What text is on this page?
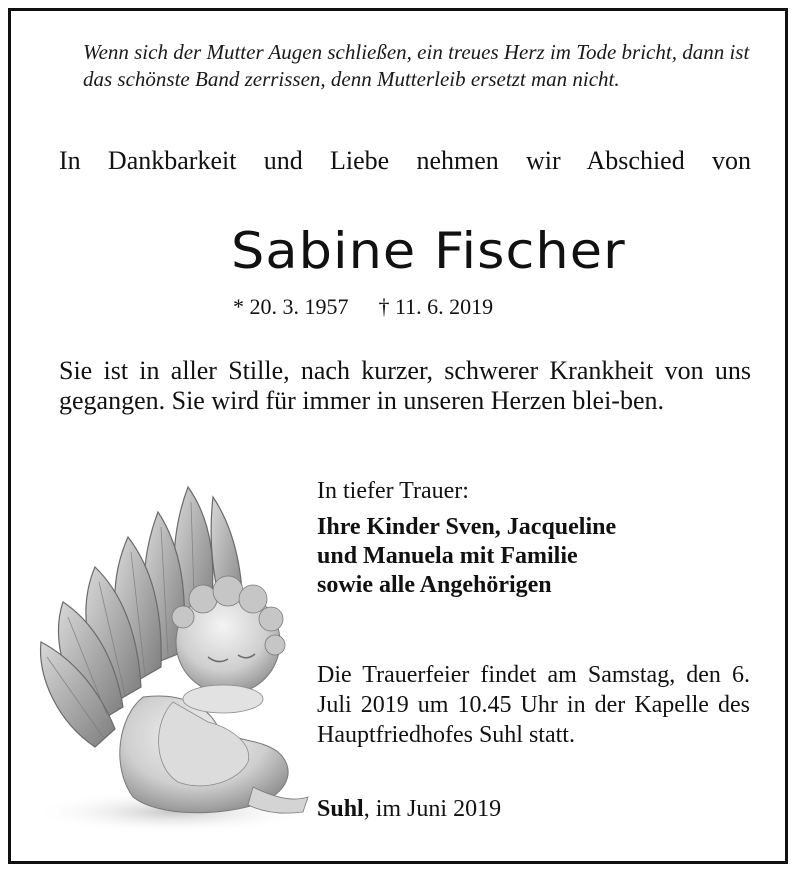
Wenn sich der Mutter Augen schließen, ein treues Herz im Tode bricht, dann ist das schönste Band zerrissen, denn Mutterleib ersetzt man nicht.
In Dankbarkeit und Liebe nehmen wir Abschied von
Sabine Fischer
* 20. 3. 1957 † 11. 6. 2019
Sie ist in aller Stille, nach kurzer, schwerer Krankheit von uns gegangen. Sie wird für immer in unseren Herzen blei-ben.
In tiefer Trauer:
Ihre Kinder Sven, Jacqueline
und Manuela mit Familie
sowie alle Angehörigen
Die Trauerfeier findet am Samstag, den 6. Juli 2019 um 10.45 Uhr in der Kapelle des Hauptfriedhofes Suhl statt.
Suhl, im Juni 2019
